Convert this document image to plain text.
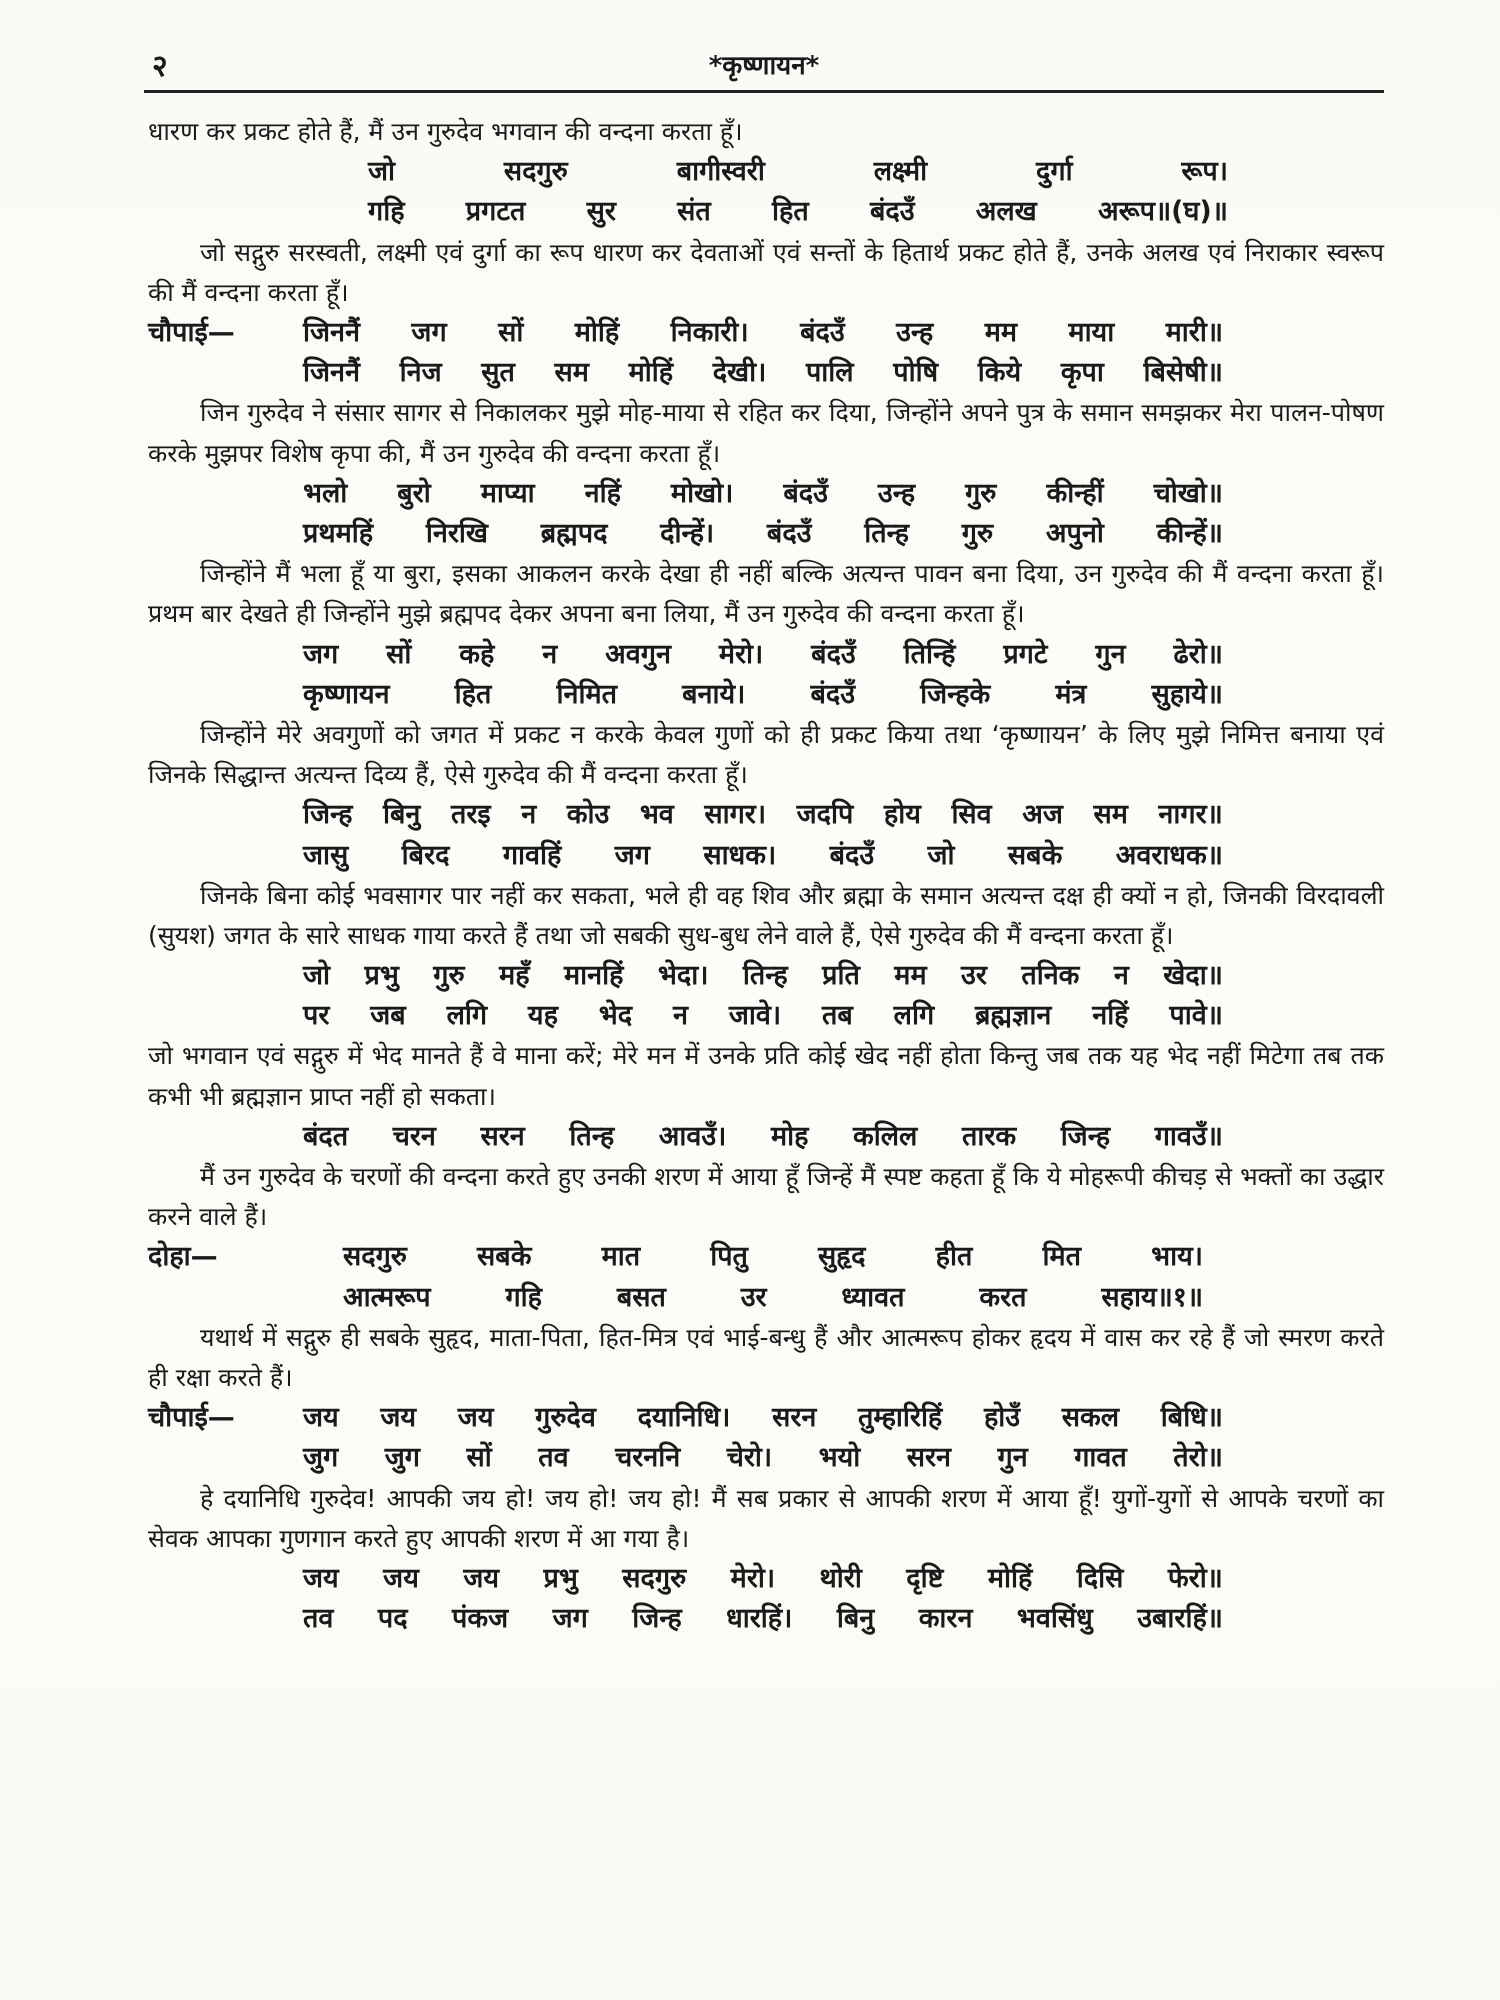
२	*कृष्णायन*

धारण कर प्रकट होते हैं, मैं उन गुरुदेव भगवान की वन्दना करता हूँ।

जो	सदगुरु	बागीस्वरी	लक्ष्मी	दुर्गा	रूप।
गहि प्रगटत सुर संत हित बंदउँ अलख अरूप॥(घ)॥

जो सद्गुरु सरस्वती, लक्ष्मी एवं दुर्गा का रूप धारण कर देवताओं एवं सन्तों के हितार्थ प्रकट होते हैं, उनके अलख एवं निराकार स्वरूप की मैं वन्दना करता हूँ।

चौपाई—	जिननैं जग सों मोहिं निकारी। बंदउँ उन्ह मम माया मारी॥
जिननैं निज सुत सम मोहिं देखी। पालि पोषि किये कृपा बिसेषी॥

जिन गुरुदेव ने संसार सागर से निकालकर मुझे मोह-माया से रहित कर दिया, जिन्होंने अपने पुत्र के समान समझकर मेरा पालन-पोषण करके मुझपर विशेष कृपा की, मैं उन गुरुदेव की वन्दना करता हूँ।

भलो बुरो माप्या नहिं मोखो। बंदउँ उन्ह गुरु कीन्हीं चोखो॥
प्रथमहिं निरखि ब्रह्मपद दीन्हें। बंदउँ तिन्ह गुरु अपुनो कीन्हें॥

जिन्होंने मैं भला हूँ या बुरा, इसका आकलन करके देखा ही नहीं बल्कि अत्यन्त पावन बना दिया, उन गुरुदेव की मैं वन्दना करता हूँ। प्रथम बार देखते ही जिन्होंने मुझे ब्रह्मपद देकर अपना बना लिया, मैं उन गुरुदेव की वन्दना करता हूँ।

जग सों कहे न अवगुन मेरो। बंदउँ तिन्हिं प्रगटे गुन ढेरो॥
कृष्णायन हित निमित बनाये। बंदउँ जिन्हके मंत्र सुहाये॥

जिन्होंने मेरे अवगुणों को जगत में प्रकट न करके केवल गुणों को ही प्रकट किया तथा ‘कृष्णायन’ के लिए मुझे निमित्त बनाया एवं जिनके सिद्धान्त अत्यन्त दिव्य हैं, ऐसे गुरुदेव की मैं वन्दना करता हूँ।

जिन्ह बिनु तरइ न कोउ भव सागर। जदपि होय सिव अज सम नागर॥
जासु बिरद गावहिं जग साधक। बंदउँ जो सबके अवराधक॥

जिनके बिना कोई भवसागर पार नहीं कर सकता, भले ही वह शिव और ब्रह्मा के समान अत्यन्त दक्ष ही क्यों न हो, जिनकी विरदावली (सुयश) जगत के सारे साधक गाया करते हैं तथा जो सबकी सुध-बुध लेने वाले हैं, ऐसे गुरुदेव की मैं वन्दना करता हूँ।

जो प्रभु गुरु महँ मानहिं भेदा। तिन्ह प्रति मम उर तनिक न खेदा॥
पर जब लगि यह भेद न जावे। तब लगि ब्रह्मज्ञान नहिं पावे॥

जो भगवान एवं सद्गुरु में भेद मानते हैं वे माना करें; मेरे मन में उनके प्रति कोई खेद नहीं होता किन्तु जब तक यह भेद नहीं मिटेगा तब तक कभी भी ब्रह्मज्ञान प्राप्त नहीं हो सकता।

बंदत चरन सरन तिन्ह आवउँ। मोह कलिल तारक जिन्ह गावउँ॥

मैं उन गुरुदेव के चरणों की वन्दना करते हुए उनकी शरण में आया हूँ जिन्हें मैं स्पष्ट कहता हूँ कि ये मोहरूपी कीचड़ से भक्तों का उद्धार करने वाले हैं।

दोहा—	सदगुरु	सबके	मात	पितु	सुहृद	हीत	मित	भाय।
आत्मरूप	गहि	बसत	उर	ध्यावत	करत	सहाय॥१॥

यथार्थ में सद्गुरु ही सबके सुहृद, माता-पिता, हित-मित्र एवं भाई-बन्धु हैं और आत्मरूप होकर हृदय में वास कर रहे हैं जो स्मरण करते ही रक्षा करते हैं।

चौपाई—	जय जय जय गुरुदेव दयानिधि। सरन तुम्हारिहिं होउँ सकल बिधि॥
जुग जुग सों तव चरननि चेरो। भयो सरन गुन गावत तेरो॥

हे दयानिधि गुरुदेव! आपकी जय हो! जय हो! जय हो! मैं सब प्रकार से आपकी शरण में आया हूँ! युगों-युगों से आपके चरणों का सेवक आपका गुणगान करते हुए आपकी शरण में आ गया है।

जय जय जय प्रभु सदगुरु मेरो। थोरी दृष्टि मोहिं दिसि फेरो॥
तव पद पंकज जग जिन्ह धारहिं। बिनु कारन भवसिंधु उबारहिं॥
